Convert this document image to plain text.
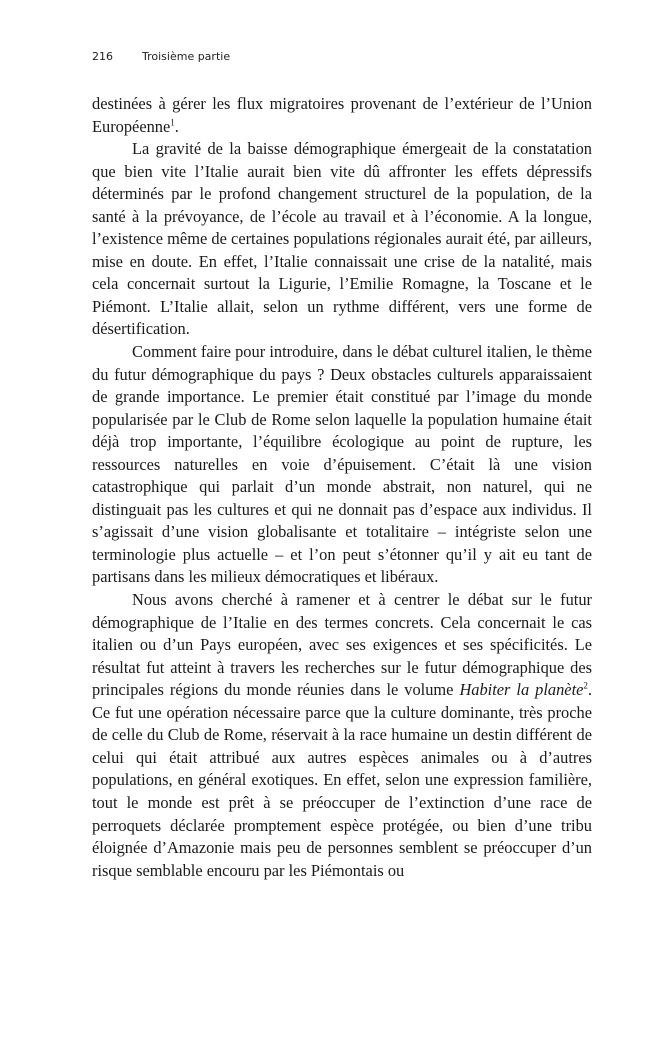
216	Troisième partie

destinées à gérer les flux migratoires provenant de l’extérieur de l’Union Européenne$^1$.

La gravité de la baisse démographique émergeait de la constatation que bien vite l’Italie aurait bien vite dû affronter les effets dépressifs déterminés par le profond changement structurel de la population, de la santé à la prévoyance, de l’école au travail et à l’économie. A la longue, l’existence même de certaines populations régionales aurait été, par ailleurs, mise en doute. En effet, l’Italie connaissait une crise de la natalité, mais cela concernait surtout la Ligurie, l’Emilie Romagne, la Toscane et le Piémont. L’Italie allait, selon un rythme différent, vers une forme de désertification.

Comment faire pour introduire, dans le débat culturel italien, le thème du futur démographique du pays ? Deux obstacles culturels apparaissaient de grande importance. Le premier était constitué par l’image du monde popularisée par le Club de Rome selon laquelle la population humaine était déjà trop importante, l’équilibre écologique au point de rupture, les ressources naturelles en voie d’épuisement. C’était là une vision catastrophique qui parlait d’un monde abstrait, non naturel, qui ne distinguait pas les cultures et qui ne donnait pas d’espace aux individus. Il s’agissait d’une vision globalisante et totalitaire – intégriste selon une terminologie plus actuelle – et l’on peut s’étonner qu’il y ait eu tant de partisans dans les milieux démocratiques et libéraux.

Nous avons cherché à ramener et à centrer le débat sur le futur démographique de l’Italie en des termes concrets. Cela concernait le cas italien ou d’un Pays européen, avec ses exigences et ses spécificités. Le résultat fut atteint à travers les recherches sur le futur démographique des principales régions du monde réunies dans le volume Habiter la planète$^2$. Ce fut une opération nécessaire parce que la culture dominante, très proche de celle du Club de Rome, réservait à la race humaine un destin différent de celui qui était attribué aux autres espèces animales ou à d’autres populations, en général exotiques. En effet, selon une expression familière, tout le monde est prêt à se préoccuper de l’extinction d’une race de perroquets déclarée promptement espèce protégée, ou bien d’une tribu éloignée d’Amazonie mais peu de personnes semblent se préoccuper d’un risque semblable encouru par les Piémontais ou
